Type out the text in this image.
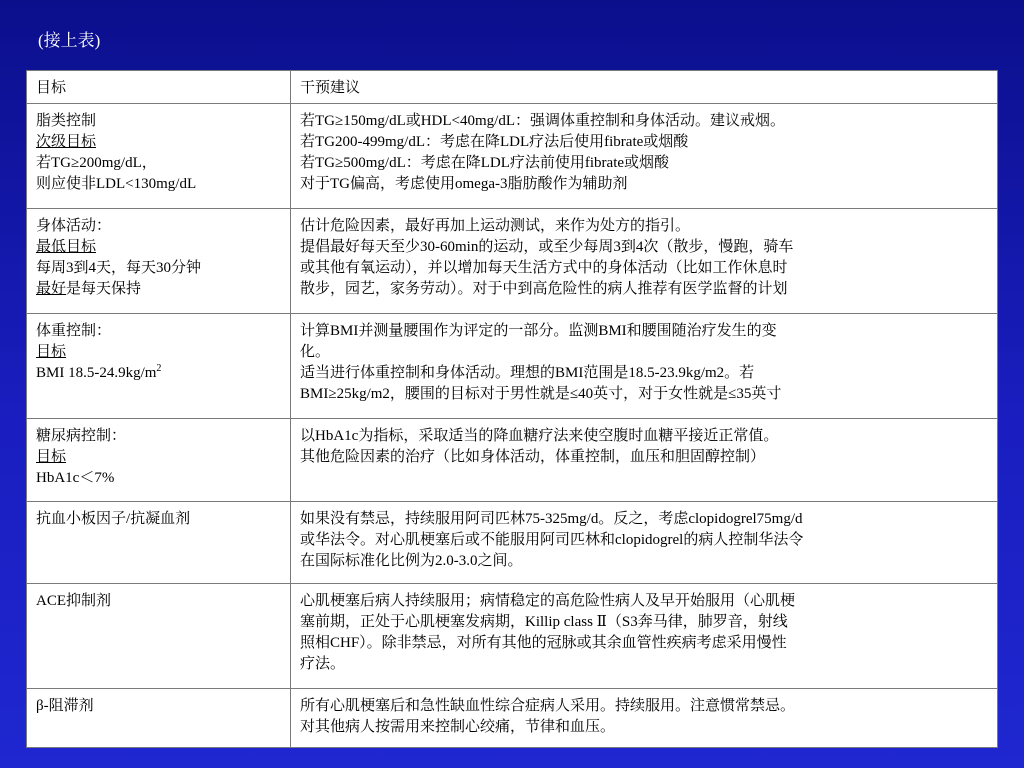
(接上表)
目标	干预建议

脂类控制
次级目标
若TG≥200mg/dL，
则应使非LDL<130mg/dL	若TG≥150mg/dL或HDL<40mg/dL：强调体重控制和身体活动。建议戒烟。
若TG200-499mg/dL：考虑在降LDL疗法后使用fibrate或烟酸
若TG≥500mg/dL：考虑在降LDL疗法前使用fibrate或烟酸
对于TG偏高，考虑使用omega-3脂肪酸作为辅助剂

身体活动：
最低目标
每周3到4天，每天30分钟
最好是每天保持	估计危险因素，最好再加上运动测试，来作为处方的指引。
提倡最好每天至少30-60min的运动，或至少每周3到4次（散步，慢跑，骑车
或其他有氧运动），并以增加每天生活方式中的身体活动（比如工作休息时
散步，园艺，家务劳动）。对于中到高危险性的病人推荐有医学监督的计划

体重控制：
目标
BMI $18.5-24.9kg/m^2$	计算BMI并测量腰围作为评定的一部分。监测BMI和腰围随治疗发生的变
化。
适当进行体重控制和身体活动。理想的BMI范围是18.5-23.9kg/m2。若
BMI≥25kg/m2，腰围的目标对于男性就是≤40英寸，对于女性就是≤35英寸

糖尿病控制：
目标
HbA1c＜7%	以HbA1c为指标，采取适当的降血糖疗法来使空腹时血糖平接近正常值。
其他危险因素的治疗（比如身体活动，体重控制，血压和胆固醇控制）

抗血小板因子/抗凝血剂	如果没有禁忌，持续服用阿司匹林75-325mg/d。反之，考虑clopidogrel75mg/d
或华法令。对心肌梗塞后或不能服用阿司匹林和clopidogrel的病人控制华法令
在国际标准化比例为2.0-3.0之间。

ACE抑制剂	心肌梗塞后病人持续服用；病情稳定的高危险性病人及早开始服用（心肌梗
塞前期，正处于心肌梗塞发病期，Killip class Ⅱ（S3奔马律，肺罗音，射线
照相CHF）。除非禁忌，对所有其他的冠脉或其余血管性疾病考虑采用慢性
疗法。

β-阻滞剂	所有心肌梗塞后和急性缺血性综合症病人采用。持续服用。注意惯常禁忌。
对其他病人按需用来控制心绞痛，节律和血压。
